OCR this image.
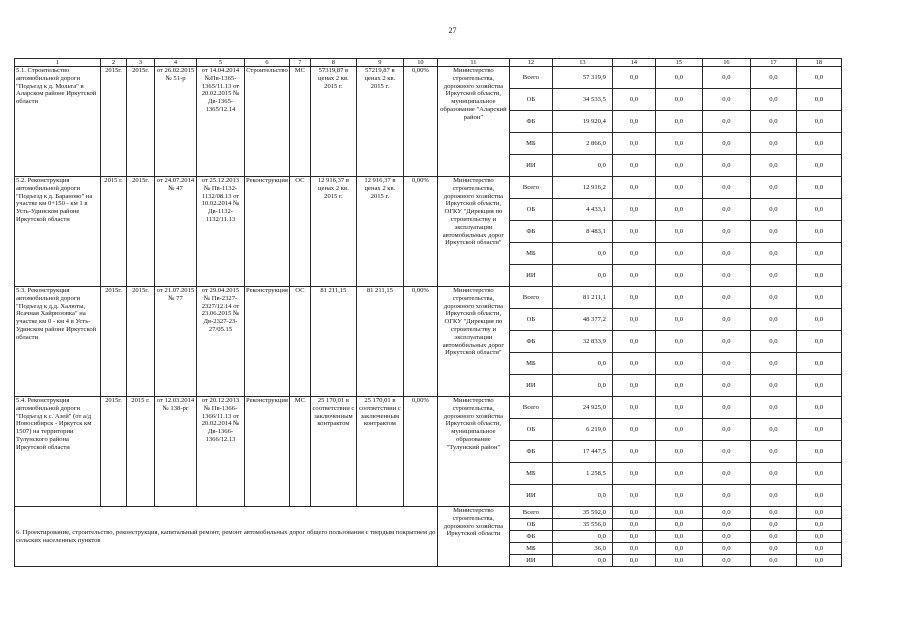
27
1	2	3	4	5	6	7	8	9	10	11	12	13	14	15	16	17	18
5.1. Строительство автомобильной дороги "Подъезд к д. Мольта" в Аларском районе Иркутской области	2015г.	2015г.	от 26.02.2015 № 51-р	от 14.04.2014 №Пв-1365-1365/11.13 от 20.02.2015 № Дв-1365-1365/12.14	Строительство	МС	57319,87 в ценах 2 кв. 2015 г.	57219,87 в ценах 2 кв. 2015 г.	0,00%	Министерство строительства, дорожного хозяйства Иркутской области, муниципальное образование "Аларский район"	Всего	57 319,9	0,0	0,0	0,0	0,0	0,0
											ОБ	34 533,5	0,0	0,0	0,0	0,0	0,0
											ФБ	19 920,4	0,0	0,0	0,0	0,0	0,0
											МБ	2 866,0	0,0	0,0	0,0	0,0	0,0
											ИИ	0,0	0,0	0,0	0,0	0,0	0,0
5.2. Реконструкция автомобильной дороги "Подъезд к д. Бараново" на участке км 0+150 - км 1 в Усть-Удинском районе Иркутской области	2015 г.	2015г.	от 24.07.2014 № 47	от 25.12.2013 № Пв-1132-1132/08.13 от 10.02.2014 № Дв-1132-1132/11.13	Реконструкция	ОС	12 916,37 в ценах 2 кв. 2015 г.	12 916,37 в ценах 2 кв. 2015 г.	0,00%	Министерство строительства, дорожного хозяйства Иркутской области, ОГКУ "Дирекция по строительству и эксплуатации автомобильных дорог Иркутской области"	Всего	12 916,2	0,0	0,0	0,0	0,0	0,0
											ОБ	4 433,1	0,0	0,0	0,0	0,0	0,0
											ФБ	8 483,1	0,0	0,0	0,0	0,0	0,0
											МБ	0,0	0,0	0,0	0,0	0,0	0,0
											ИИ	0,0	0,0	0,0	0,0	0,0	0,0
5.3. Реконструкция автомобильной дороги "Подъезд к д.д. Халюты, Ясачная Хайрюзовка" на участке км 0 - км 4 в Усть-Удинском районе Иркутской области	2015г.	2015г.	от 21.07.2015 № 77	от 29.04.2015 № Пв-2327-2327/12.14 от 23.06.2015 № Дв-2327-23-27/05.15	Реконструкция	ОС	81 211,15	81 211,15	0,00%	Министерство строительства, дорожного хозяйства Иркутской области, ОГКУ "Дирекция по строительству и эксплуатации автомобильных дорог Иркутской области"	Всего	81 211,1	0,0	0,0	0,0	0,0	0,0
											ОБ	48 377,2	0,0	0,0	0,0	0,0	0,0
											ФБ	32 833,9	0,0	0,0	0,0	0,0	0,0
											МБ	0,0	0,0	0,0	0,0	0,0	0,0
											ИИ	0,0	0,0	0,0	0,0	0,0	0,0
5.4. Реконструкция автомобильной дороги "Подъезд к с. Азей" (от а/д Новосибирск - Иркутск км 1507) на территории Тулунского района Иркутской области	2015г.	2015 г.	от 12.03.2014 № 138-рг	от 20.12.2013 № Пв-1366-1366/11.13 от 20.02.2014 № Дв-1366-1366/12.13	Реконструкция	МС	25 170,01 в соответствии с заключенным контрактом	25 170,01 в соответствии с заключенным контрактом	0,00%	Министерство строительства, дорожного хозяйства Иркутской области, муниципальное образование "Тулунский район"	Всего	24 925,0	0,0	0,0	0,0	0,0	0,0
											ОБ	6 219,0	0,0	0,0	0,0	0,0	0,0
											ФБ	17 447,5	0,0	0,0	0,0	0,0	0,0
											МБ	1 258,5	0,0	0,0	0,0	0,0	0,0
											ИИ	0,0	0,0	0,0	0,0	0,0	0,0
6. Проектирование, строительство, реконструкция, капитальный ремонт, ремонт автомобильных дорог общего пользования с твердым покрытием до сельских населенных пунктов										Министерство строительства, дорожного хозяйства Иркутской области	Всего	35 592,0	0,0	0,0	0,0	0,0	0,0
											ОБ	35 556,0	0,0	0,0	0,0	0,0	0,0
											ФБ	0,0	0,0	0,0	0,0	0,0	0,0
											МБ	36,0	0,0	0,0	0,0	0,0	0,0
											ИИ	0,0	0,0	0,0	0,0	0,0	0,0
